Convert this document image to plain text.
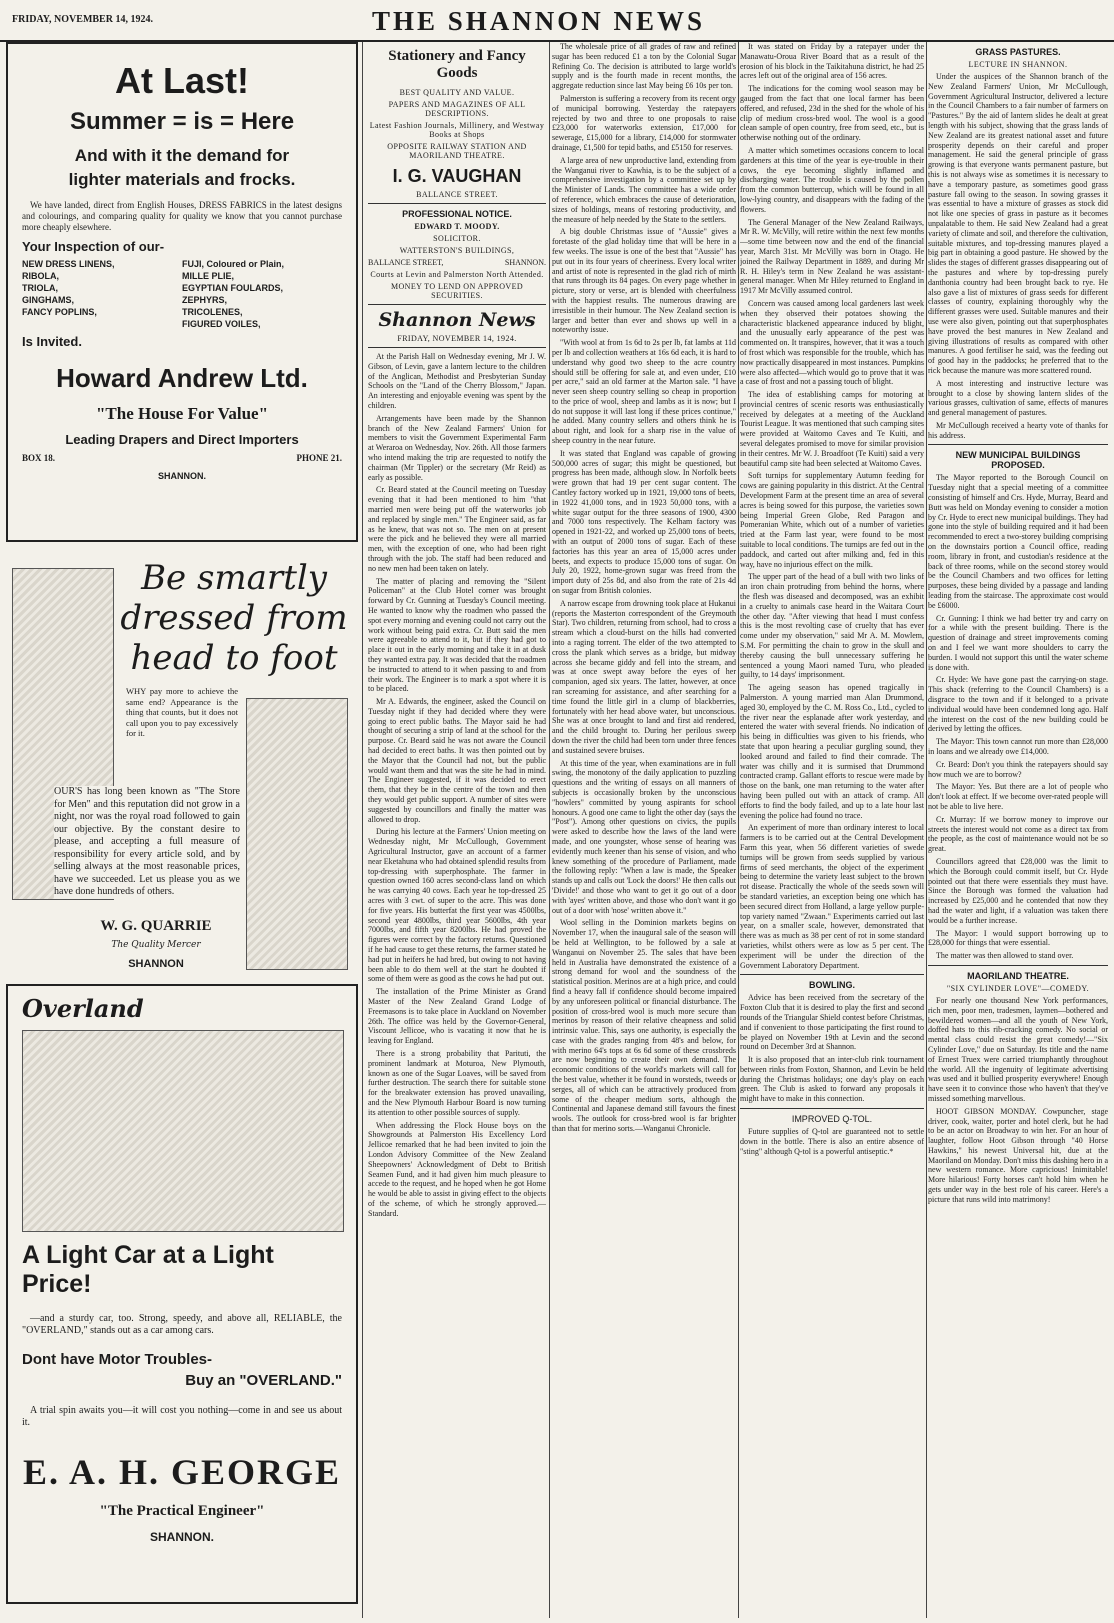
FRIDAY, NOVEMBER 14, 1924.	THE SHANNON NEWS
At Last!
Summer = is = Here
And with it the demand for lighter materials and frocks.

We have landed, direct from English Houses, DRESS FABRICS in the latest designs and colourings, and comparing quality for quality we know that you cannot purchase more cheaply elsewhere.

Your Inspection of our-
NEW DRESS LINENS,
RIBOLA,
TRIOLA,
GINGHAMS,
FANCY POPLINS,
FUJI, Coloured or Plain,
MILLE PLIE,
EGYPTIAN FOULARDS,
ZEPHYRS,
TRICOLENES,
FIGURED VOILES,
Is Invited.
Howard Andrew Ltd.
"The House For Value"
Leading Drapers and Direct Importers
BOX 18.	PHONE 21.
SHANNON.
Be smartly dressed from head to foot

WHY pay more to achieve the same end? Appearance is the thing that counts, but it does not call upon you to pay excessively for it.

OUR'S has long been known as "The Store for Men" and this reputation did not grow in a night, nor was the royal road followed to gain our objective. By the constant desire to please, and accepting a full measure of responsibility for every article sold, and by selling always at the most reasonable prices, have we succeeded. Let us please you as we have done hundreds of others.

W. G. QUARRIE
The Quality Mercer
SHANNON
Overland
A Light Car at a Light Price!

—and a sturdy car, too. Strong, speedy, and above all, RELIABLE, the "OVERLAND," stands out as a car among cars.

Dont have Motor Troubles-
Buy an "OVERLAND."

A trial spin awaits you—it will cost you nothing—come in and see us about it.

E. A. H. GEORGE
"The Practical Engineer"
SHANNON.
Stationery and Fancy Goods
BEST QUALITY AND VALUE.
PAPERS AND MAGAZINES OF ALL DESCRIPTIONS.
Latest Fashion Journals, Millinery, and Westway Books at Shops
OPPOSITE RAILWAY STATION AND MAORILAND THEATRE.
I. G. VAUGHAN
BALLANCE STREET.
PROFESSIONAL NOTICE.
EDWARD T. MOODY.
SOLICITOR.
WATTERSTON'S BUILDINGS,
BALLANCE STREET,	SHANNON.
Courts at Levin and Palmerston North Attended.
MONEY TO LEND ON APPROVED SECURITIES.
Shannon News
FRIDAY, NOVEMBER 14, 1924.

At the Parish Hall on Wednesday evening, Mr J. W. Gibson, of Levin, gave a lantern lecture to the children of the Anglican, Methodist and Presbyterian Sunday Schools on the "Land of the Cherry Blossom," Japan. An interesting and enjoyable evening was spent by the children.

Arrangements have been made by the Shannon branch of the New Zealand Farmers' Union for members to visit the Government Experimental Farm at Weraroa on Wednesday, Nov. 26th. All those farmers who intend making the trip are requested to notify the chairman (Mr Tippler) or the secretary (Mr Reid) as early as possible.

Cr. Beard stated at the Council meeting on Tuesday evening that it had been mentioned to him "that married men were being put off the waterworks job and replaced by single men." The Engineer said, as far as he knew, that was not so. The men on at present were the pick and he believed they were all married men, with the exception of one, who had been right through with the job. The staff had been reduced and no new men had been taken on lately.

The matter of placing and removing the "Silent Policeman" at the Club Hotel corner was brought forward by Cr. Gunning at Tuesday's Council meeting. He wanted to know why the roadmen who passed the spot every morning and evening could not carry out the work without being paid extra. Cr. Butt said the men were agreeable to attend to it, but if they had got to place it out in the early morning and take it in at dusk they wanted extra pay. It was decided that the roadmen be instructed to attend to it when passing to and from their work. The Engineer is to mark a spot where it is to be placed.

Mr A. Edwards, the engineer, asked the Council on Tuesday night if they had decided where they were going to erect public baths. The Mayor said he had thought of securing a strip of land at the school for the purpose. Cr. Beard said he was not aware the Council had decided to erect baths. It was then pointed out by the Mayor that the Council had not, but the public would want them and that was the site he had in mind. The Engineer suggested, if it was decided to erect them, that they be in the centre of the town and then they would get public support. A number of sites were suggested by councillors and finally the matter was allowed to drop.

During his lecture at the Farmers' Union meeting on Wednesday night, Mr McCullough, Government Agricultural Instructor, gave an account of a farmer near Eketahuna who had obtained splendid results from top-dressing with superphosphate. The farmer in question owned 160 acres second-class land on which he was carrying 40 cows. Each year he top-dressed 25 acres with 3 cwt. of super to the acre. This was done for five years. His butterfat the first year was 4500lbs, second year 4800lbs, third year 5600lbs, 4th year 7000lbs, and fifth year 8200lbs. He had proved the figures were correct by the factory returns. Questioned if he had cause to get these returns, the farmer stated he had put in heifers he had bred, but owing to not having been able to do them well at the start he doubted if some of them were as good as the cows he had put out.

The installation of the Prime Minister as Grand Master of the New Zealand Grand Lodge of Freemasons is to take place in Auckland on November 26th. The office was held by the Governor-General, Viscount Jellicoe, who is vacating it now that he is leaving for England.

There is a strong probability that Parituti, the prominent landmark at Moturoa, New Plymouth, known as one of the Sugar Loaves, will be saved from further destruction. The search there for suitable stone for the breakwater extension has proved unavailing, and the New Plymouth Harbour Board is now turning its attention to other possible sources of supply.

When addressing the Flock House boys on the Showgrounds at Palmerston His Excellency Lord Jellicoe remarked that he had been invited to join the London Advisory Committee of the New Zealand Sheepowners' Acknowledgment of Debt to British Seamen Fund, and it had given him much pleasure to accede to the request, and he hoped when he got Home he would be able to assist in giving effect to the objects of the scheme, of which he strongly approved.—Standard.

The wholesale price of all grades of raw and refined sugar has been reduced £1 a ton by the Colonial Sugar Refining Co. The decision is attributed to large world's supply and is the fourth made in recent months, the aggregate reduction since last May being £6 10s per ton.

Palmerston is suffering a recovery from its recent orgy of municipal borrowing. Yesterday the ratepayers rejected by two and three to one proposals to raise £23,000 for waterworks extension, £17,000 for sewerage, £15,000 for a library, £14,000 for stormwater drainage, £1,500 for tepid baths, and £5150 for reserves.

A large area of new unproductive land, extending from the Wanganui river to Kawhia, is to be the subject of a comprehensive investigation by a committee set up by the Minister of Lands. The committee has a wide order of reference, which embraces the cause of deterioration, sizes of holdings, means of restoring productivity, and the measure of help needed by the State to the settlers.

A big double Christmas issue of "Aussie" gives a foretaste of the glad holiday time that will be here in a few weeks. The issue is one of the best that "Aussie" has put out in its four years of cheeriness. Every local writer and artist of note is represented in the glad rich of mirth that runs through its 84 pages. On every page whether in picture, story or verse, art is blended with cheerfulness with the happiest results. The numerous drawing are irresistible in their humour. The New Zealand section is larger and better than ever and shows up well in a noteworthy issue.

"With wool at from 1s 6d to 2s per lb, fat lambs at 11d per lb and collection weathers at 16s 6d each, it is hard to understand why good two sheep to the acre country should still be offering for sale at, and even under, £10 per acre," said an old farmer at the Marton sale. "I have never seen sheep country selling so cheap in proportion to the price of wool, sheep and lambs as it is now; but I do not suppose it will last long if these prices continue," he added. Many country sellers and others think he is about right, and look for a sharp rise in the value of sheep country in the near future.

It was stated that England was capable of growing 500,000 acres of sugar; this might be questioned, but progress has been made, although slow. In Norfolk beets were grown that had 19 per cent sugar content. The Cantley factory worked up in 1921, 19,000 tons of beets, in 1922 41,000 tons, and in 1923 50,000 tons, with a white sugar output for the three seasons of 1900, 4300 and 7000 tons respectively. The Kelham factory was opened in 1921-22, and worked up 25,000 tons of beets, with an output of 2000 tons of sugar. Each of these factories has this year an area of 15,000 acres under beets, and expects to produce 15,000 tons of sugar. On July 20, 1922, home-grown sugar was freed from the import duty of 25s 8d, and also from the rate of 21s 4d on sugar from British colonies.

A narrow escape from drowning took place at Hukanui (reports the Masterton correspondent of the Greymouth Star). Two children, returning from school, had to cross a stream which a cloud-burst on the hills had converted into a raging torrent. The elder of the two attempted to cross the plank which serves as a bridge, but midway across she became giddy and fell into the stream, and was at once swept away before the eyes of her companion, aged six years. The latter, however, at once ran screaming for assistance, and after searching for a time found the little girl in a clump of blackberries, fortunately with her head above water, but unconscious. She was at once brought to land and first aid rendered, and the child brought to. During her perilous sweep down the river the child had been torn under three fences and sustained severe bruises.

At this time of the year, when examinations are in full swing, the monotony of the daily application to puzzling questions and the writing of essays on all manners of subjects is occasionally broken by the unconscious "howlers" committed by young aspirants for school honours. A good one came to light the other day (says the "Post"). Among other questions on civics, the pupils were asked to describe how the laws of the land were made, and one youngster, whose sense of hearing was evidently much keener than his sense of vision, and who knew something of the procedure of Parliament, made the following reply: "When a law is made, the Speaker stands up and calls out 'Lock the doors!' He then calls out 'Divide!' and those who want to get it go out of a door with 'ayes' written above, and those who don't want it go out of a door with 'nose' written above it."

Wool selling in the Dominion markets begins on November 17, when the inaugural sale of the season will be held at Wellington, to be followed by a sale at Wanganui on November 25. The sales that have been held in Australia have demonstrated the existence of a strong demand for wool and the soundness of the statistical position. Merinos are at a high price, and could find a heavy fall if confidence should become impaired by any unforeseen political or financial disturbance. The position of cross-bred wool is much more secure than merinos by reason of their relative cheapness and solid intrinsic value. This, says one authority, is especially the case with the grades ranging from 48's and below, for with merino 64's tops at 6s 6d some of these crossbreds are now beginning to create their own demand. The economic conditions of the world's markets will call for the best value, whether it be found in worsteds, tweeds or serges, all of which can be attractively produced from some of the cheaper medium sorts, although the Continental and Japanese demand still favours the finest wools. The outlook for cross-bred wool is far brighter than that for merino sorts.—Wanganui Chronicle.

It was stated on Friday by a ratepayer under the Manawatu-Oroua River Board that as a result of the erosion of his block in the Taikitahuna district, he had 25 acres left out of the original area of 156 acres.

The indications for the coming wool season may be gauged from the fact that one local farmer has been offered, and refused, 23d in the shed for the whole of his clip of medium cross-bred wool. The wool is a good clean sample of open country, free from seed, etc., but is otherwise nothing out of the ordinary.

A matter which sometimes occasions concern to local gardeners at this time of the year is eye-trouble in their cows, the eye becoming slightly inflamed and discharging water. The trouble is caused by the pollen from the common buttercup, which will be found in all low-lying country, and disappears with the fading of the flowers.

The General Manager of the New Zealand Railways, Mr R. W. McVilly, will retire within the next few months—some time between now and the end of the financial year, March 31st. Mr McVilly was born in Otago. He joined the Railway Department in 1889, and during Mr R. H. Hiley's term in New Zealand he was assistant-general manager. When Mr Hiley returned to England in 1917 Mr McVilly assumed control.

Concern was caused among local gardeners last week when they observed their potatoes showing the characteristic blackened appearance induced by blight, and the unusually early appearance of the pest was commented on. It transpires, however, that it was a touch of frost which was responsible for the trouble, which has now practically disappeared in most instances. Pumpkins were also affected—which would go to prove that it was a case of frost and not a passing touch of blight.

The idea of establishing camps for motoring at provincial centres of scenic resorts was enthusiastically received by delegates at a meeting of the Auckland Tourist League. It was mentioned that such camping sites were provided at Waitomo Caves and Te Kuiti, and several delegates promised to move for similar provision in their centres. Mr W. J. Broadfoot (Te Kuiti) said a very beautiful camp site had been selected at Waitomo Caves.

Soft turnips for supplementary Autumn feeding for cows are gaining popularity in this district. At the Central Development Farm at the present time an area of several acres is being sowed for this purpose, the varieties sown being Imperial Green Globe, Red Paragon and Pomeranian White, which out of a number of varieties tried at the Farm last year, were found to be most suitable to local conditions. The turnips are fed out in the paddock, and carted out after milking and, fed in this way, have no injurious effect on the milk.

The upper part of the head of a bull with two links of an iron chain protruding from behind the horns, where the flesh was diseased and decomposed, was an exhibit in a cruelty to animals case heard in the Waitara Court the other day. "After viewing that head I must confess this is the most revolting case of cruelty that has ever come under my observation," said Mr A. M. Mowlem, S.M. For permitting the chain to grow in the skull and thereby causing the bull unnecessary suffering he sentenced a young Maori named Turu, who pleaded guilty, to 14 days' imprisonment.

The ageing season has opened tragically in Palmerston. A young married man Alan Drummond, aged 30, employed by the C. M. Ross Co., Ltd., cycled to the river near the esplanade after work yesterday, and entered the water with several friends. No indication of his being in difficulties was given to his friends, who state that upon hearing a peculiar gurgling sound, they looked around and failed to find their comrade. The water was chilly and it is surmised that Drummond contracted cramp. Gallant efforts to rescue were made by those on the bank, one man returning to the water after having been pulled out with an attack of cramp. All efforts to find the body failed, and up to a late hour last evening the police had found no trace.

An experiment of more than ordinary interest to local farmers is to be carried out at the Central Development Farm this year, when 56 different varieties of swede turnips will be grown from seeds supplied by various firms of seed merchants, the object of the experiment being to determine the variety least subject to the brown rot disease. Practically the whole of the seeds sown will be standard varieties, an exception being one which has been secured direct from Holland, a large yellow purple-top variety named "Zwaan." Experiments carried out last year, on a smaller scale, however, demonstrated that there was as much as 38 per cent of rot in some standard varieties, whilst others were as low as 5 per cent. The experiment will be under the direction of the Government Laboratory Department.

BOWLING.

Advice has been received from the secretary of the Foxton Club that it is desired to play the first and second rounds of the Triangular Shield contest before Christmas, and if convenient to those participating the first round to be played on November 19th at Levin and the second round on December 3rd at Shannon.

It is also proposed that an inter-club rink tournament between rinks from Foxton, Shannon, and Levin be held during the Christmas holidays; one day's play on each green. The Club is asked to forward any proposals it might have to make in this connection.

IMPROVED Q-TOL.

Future supplies of Q-tol are guaranteed not to settle down in the bottle. There is also an entire absence of "sting" although Q-tol is a powerful antiseptic.*

GRASS PASTURES.
LECTURE IN SHANNON.

Under the auspices of the Shannon branch of the New Zealand Farmers' Union, Mr McCullough, Government Agricultural Instructor, delivered a lecture in the Council Chambers to a fair number of farmers on "Pastures." By the aid of lantern slides he dealt at great length with his subject, showing that the grass lands of New Zealand are its greatest national asset and future prosperity depends on their careful and proper management. He said the general principle of grass growing is that everyone wants permanent pasture, but this is not always wise as sometimes it is necessary to have a temporary pasture, as sometimes good grass pasture fall owing to the season. In sowing grasses it was essential to have a mixture of grasses as stock did not like one species of grass in pasture as it becomes unpalatable to them. He said New Zealand had a great variety of climate and soil, and therefore the cultivation, suitable mixtures, and top-dressing manures played a big part in obtaining a good pasture. He showed by the slides the stages of different grasses disappearing out of the pastures and where by top-dressing purely danthonia country had been brought back to rye. He also gave a list of mixtures of grass seeds for different classes of country, explaining thoroughly why the different grasses were used. Suitable manures and their use were also given, pointing out that superphosphates have proved the best manures in New Zealand and giving illustrations of results as compared with other manures. A good fertiliser he said, was the feeding out of good hay in the paddocks; he preferred that to the rick because the manure was more scattered round.

A most interesting and instructive lecture was brought to a close by showing lantern slides of the various grasses, cultivation of same, effects of manures and general management of pastures.

Mr McCullough received a hearty vote of thanks for his address.

NEW MUNICIPAL BUILDINGS PROPOSED.

The Mayor reported to the Borough Council on Tuesday night that a special meeting of a committee consisting of himself and Crs. Hyde, Murray, Beard and Butt was held on Monday evening to consider a motion by Cr. Hyde to erect new municipal buildings. They had gone into the style of building required and it had been recommended to erect a two-storey building comprising on the downstairs portion a Council office, reading room, library in front, and custodian's residence at the back of three rooms, while on the second storey would be the Council Chambers and two offices for letting purposes, these being divided by a passage and landing leading from the staircase. The approximate cost would be £6000.

Cr. Gunning: I think we had better try and carry on for a while with the present building. There is the question of drainage and street improvements coming on and I feel we want more shoulders to carry the burden. I would not support this until the water scheme is done with.

Cr. Hyde: We have gone past the carrying-on stage. This shack (referring to the Council Chambers) is a disgrace to the town and if it belonged to a private individual would have been condemned long ago. Half the interest on the cost of the new building could be derived by letting the offices.

The Mayor: This town cannot run more than £28,000 in loans and we already owe £14,000.

Cr. Beard: Don't you think the ratepayers should say how much we are to borrow?

The Mayor: Yes. But there are a lot of people who don't look at effect. If we become over-rated people will not be able to live here.

Cr. Murray: If we borrow money to improve our streets the interest would not come as a direct tax from the people, as the cost of maintenance would not be so great.

Councillors agreed that £28,000 was the limit to which the Borough could commit itself, but Cr. Hyde pointed out that there were essentials they must have. Since the Borough was formed the valuation had increased by £25,000 and he contended that now they had the water and light, if a valuation was taken there would be a further increase.

The Mayor: I would support borrowing up to £28,000 for things that were essential.

The matter was then allowed to stand over.

MAORILAND THEATRE.
"SIX CYLINDER LOVE"—COMEDY.

For nearly one thousand New York performances, rich men, poor men, tradesmen, laymen—bothered and bewildered women—and all the youth of New York, doffed hats to this rib-cracking comedy. No social or mental class could resist the great comedy!—"Six Cylinder Love," due on Saturday. Its title and the name of Ernest Truex were carried triumphantly throughout the world. All the ingenuity of legitimate advertising was used and it bullied prosperity everywhere! Enough have seen it to convince those who haven't that they've missed something marvellous.

HOOT GIBSON MONDAY. Cowpuncher, stage driver, cook, waiter, porter and hotel clerk, but he had to be an actor on Broadway to win her. For an hour of laughter, follow Hoot Gibson through "40 Horse Hawkins," his newest Universal hit, due at the Maoriland on Monday. Don't miss this dashing hero in a new western romance. More capricious! Inimitable! More hilarious! Forty horses can't hold him when he gets under way in the best role of his career. Here's a picture that runs wild into matrimony!
